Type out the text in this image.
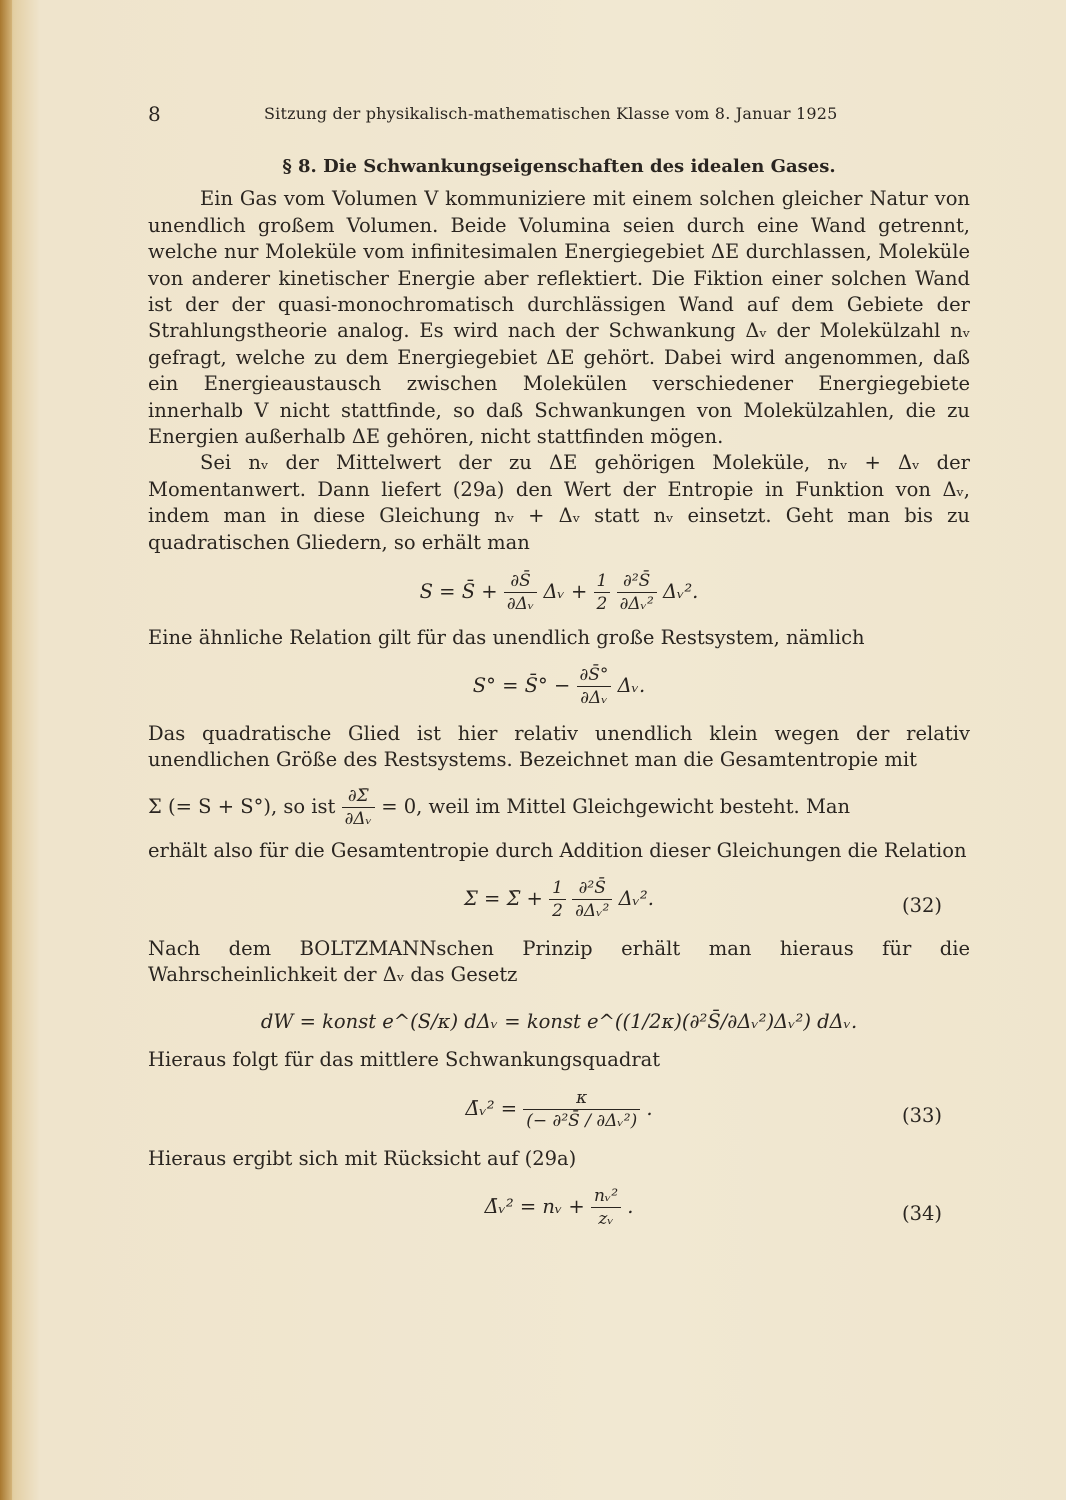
8	Sitzung der physikalisch-mathematischen Klasse vom 8. Januar 1925
§ 8. Die Schwankungseigenschaften des idealen Gases.

Ein Gas vom Volumen V kommuniziere mit einem solchen gleicher Natur von unendlich großem Volumen. Beide Volumina seien durch eine Wand getrennt, welche nur Moleküle vom infinitesimalen Energiegebiet ΔE durchlassen, Moleküle von anderer kinetischer Energie aber reflektiert. Die Fiktion einer solchen Wand ist der der quasi-monochromatisch durchlässigen Wand auf dem Gebiete der Strahlungstheorie analog. Es wird nach der Schwankung Δᵥ der Molekülzahl nᵥ gefragt, welche zu dem Energiegebiet ΔE gehört. Dabei wird angenommen, daß ein Energieaustausch zwischen Molekülen verschiedener Energiegebiete innerhalb V nicht stattfinde, so daß Schwankungen von Molekülzahlen, die zu Energien außerhalb ΔE gehören, nicht stattfinden mögen.

Sei nᵥ der Mittelwert der zu ΔE gehörigen Moleküle, nᵥ + Δᵥ der Momentanwert. Dann liefert (29a) den Wert der Entropie in Funktion von Δᵥ, indem man in diese Gleichung nᵥ + Δᵥ statt nᵥ einsetzt. Geht man bis zu quadratischen Gliedern, so erhält man

S = S̄ + $\frac{\partial S̄}{\text{∂Δᵥ}}$ Δᵥ + $\frac{1}{2}$
$\frac{\text{∂²S̄}}{\text{∂Δᵥ²}}$ Δᵥ².

Eine ähnliche Relation gilt für das unendlich große Restsystem, nämlich

S° = S̄° − $\frac{\partial S̄^\circ}{\text{∂Δᵥ}}$ Δᵥ.

Das quadratische Glied ist hier relativ unendlich klein wegen der relativ unendlichen Größe des Restsystems. Bezeichnet man die Gesamtentropie mit

Σ (= S + S°), so ist $\frac{\partial\Sigmā}{\text{∂Δᵥ}} = 0$, weil im Mittel Gleichgewicht besteht. Man

erhält also für die Gesamtentropie durch Addition dieser Gleichungen die Relation

Σ = Σ̄ + $\frac{1}{2}$
$\frac{\text{∂²S̄}}{\text{∂Δᵥ²}}$ Δᵥ².	(32)

Nach dem BOLTZMANNschen Prinzip erhält man hieraus für die Wahrscheinlichkeit der Δᵥ das Gesetz

dW = konst e^(S/κ) dΔᵥ = konst e^((1/2κ)(∂²S̄/∂Δᵥ²)Δᵥ²) dΔᵥ.

Hieraus folgt für das mittlere Schwankungsquadrat

Δ̄ᵥ² = $\frac{\kappa}{\text{(− ∂²S̄ / ∂Δᵥ²)}}$ .	(33)

Hieraus ergibt sich mit Rücksicht auf (29a)

Δ̄ᵥ² = nᵥ + $\frac{\text{nᵥ²}}{\text{zᵥ}}$ .	(34)
